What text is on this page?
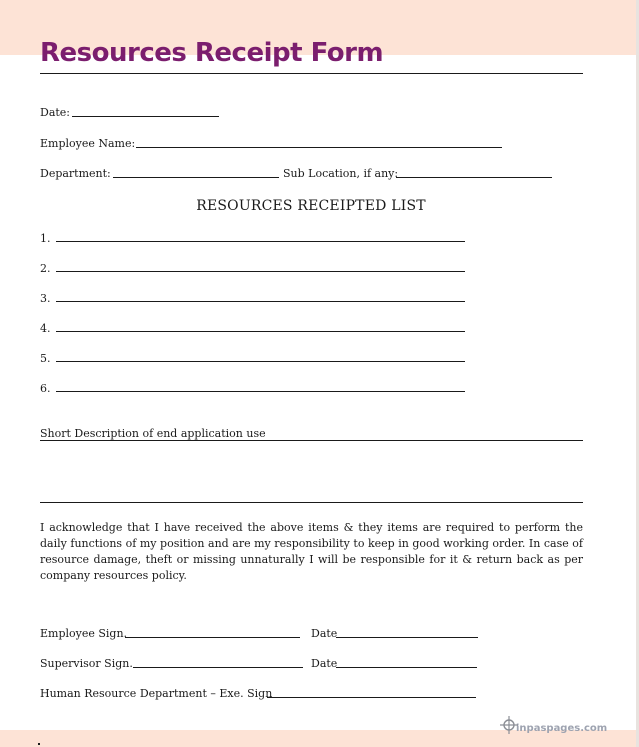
Resources Receipt Form
Date:
Employee Name:
Department:	Sub Location, if any:
RESOURCES RECEIPTED LIST
1.
2.
3.
4.
5.
6.
Short Description of end application use
I acknowledge that I have received the above items & they items are required to perform the daily functions of my position and are my responsibility to keep in good working order. In case of resource damage, theft or missing unnaturally I will be responsible for it & return back as per company resources policy.
Employee Sign.	Date
Supervisor Sign.	Date
Human Resource Department – Exe. Sign
inpaspages.com
